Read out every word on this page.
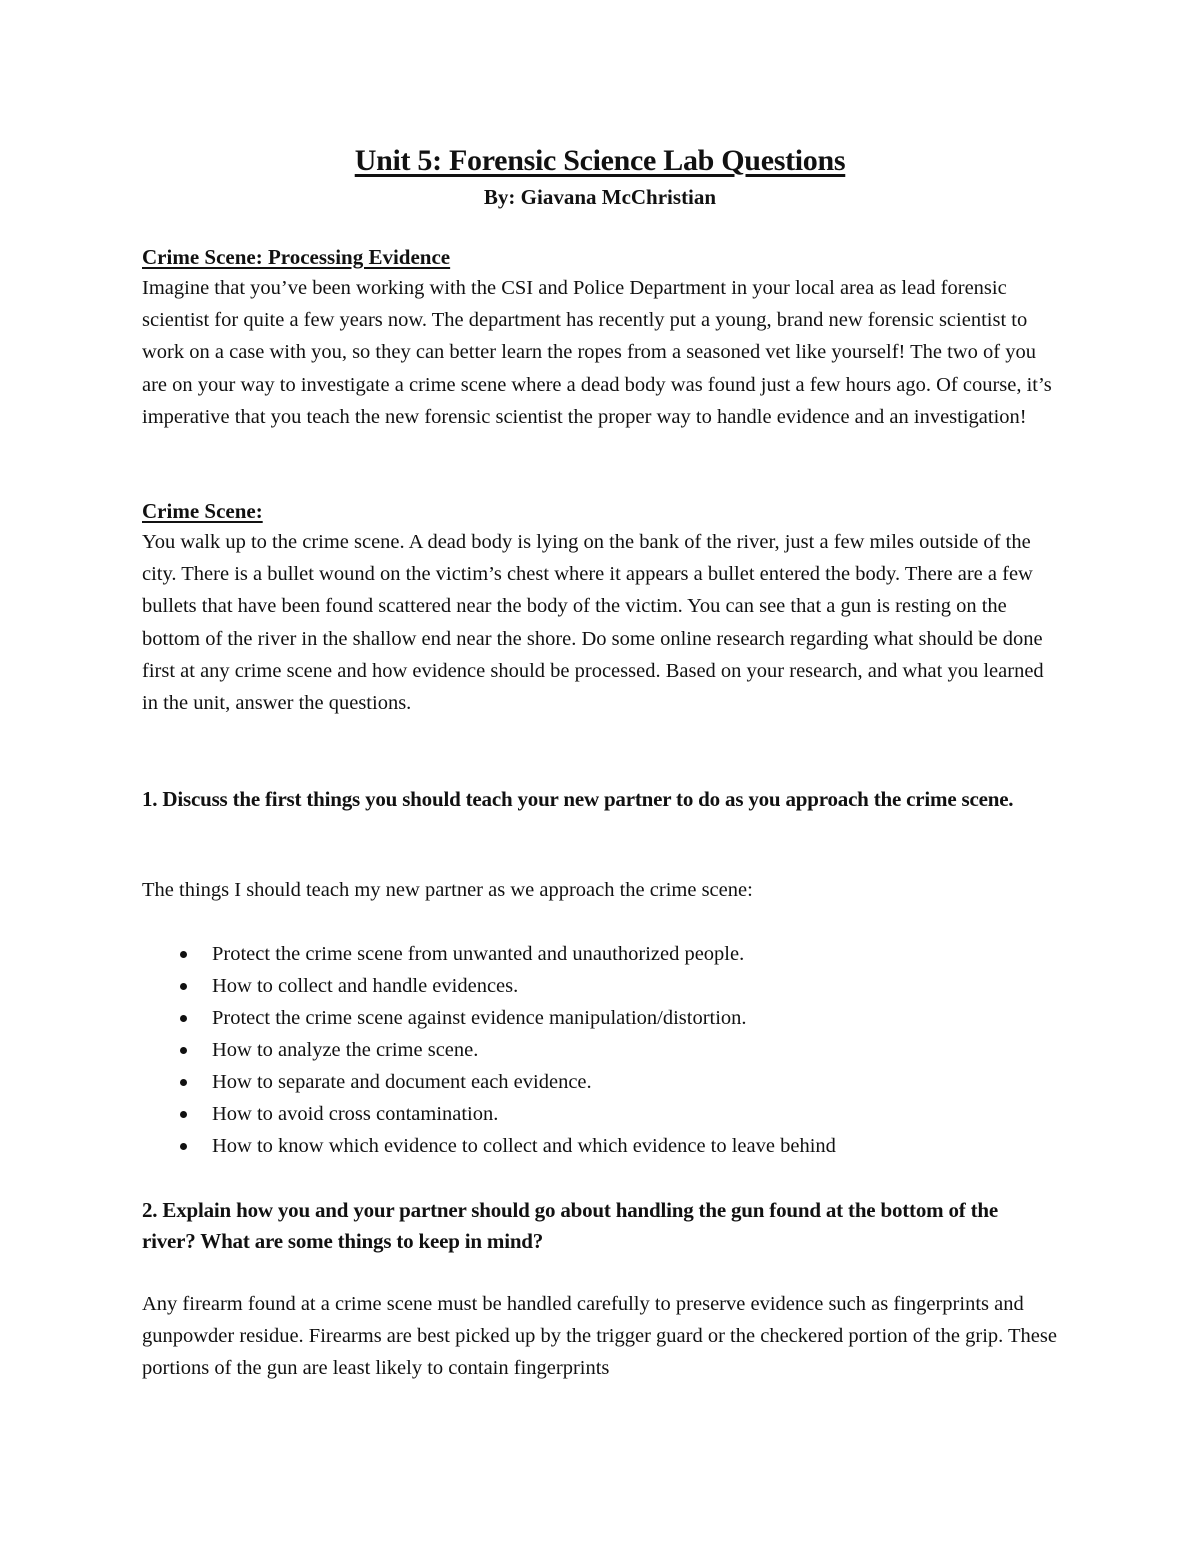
Unit 5: Forensic Science Lab Questions
By: Giavana McChristian
Crime Scene: Processing Evidence

Imagine that you’ve been working with the CSI and Police Department in your local area as lead forensic scientist for quite a few years now. The department has recently put a young, brand new forensic scientist to work on a case with you, so they can better learn the ropes from a seasoned vet like yourself! The two of you are on your way to investigate a crime scene where a dead body was found just a few hours ago. Of course, it’s imperative that you teach the new forensic scientist the proper way to handle evidence and an investigation!

Crime Scene:

You walk up to the crime scene. A dead body is lying on the bank of the river, just a few miles outside of the city. There is a bullet wound on the victim’s chest where it appears a bullet entered the body. There are a few bullets that have been found scattered near the body of the victim. You can see that a gun is resting on the bottom of the river in the shallow end near the shore. Do some online research regarding what should be done first at any crime scene and how evidence should be processed. Based on your research, and what you learned in the unit, answer the questions.

1. Discuss the first things you should teach your new partner to do as you approach the crime scene.

The things I should teach my new partner as we approach the crime scene:

Protect the crime scene from unwanted and unauthorized people.
How to collect and handle evidences.
Protect the crime scene against evidence manipulation/distortion.
How to analyze the crime scene.
How to separate and document each evidence.
How to avoid cross contamination.
How to know which evidence to collect and which evidence to leave behind

2. Explain how you and your partner should go about handling the gun found at the bottom of the river? What are some things to keep in mind?

Any firearm found at a crime scene must be handled carefully to preserve evidence such as fingerprints and gunpowder residue. Firearms are best picked up by the trigger guard or the checkered portion of the grip. These portions of the gun are least likely to contain fingerprints
